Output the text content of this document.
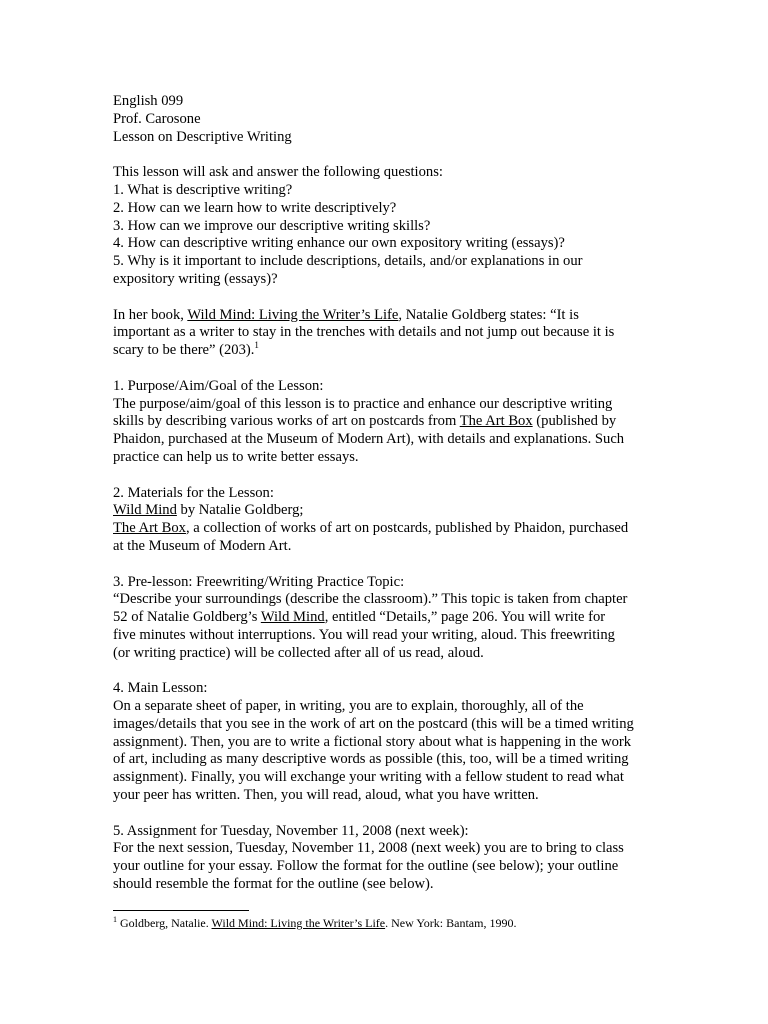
English 099
Prof. Carosone
Lesson on Descriptive Writing
This lesson will ask and answer the following questions:
1. What is descriptive writing?
2. How can we learn how to write descriptively?
3. How can we improve our descriptive writing skills?
4. How can descriptive writing enhance our own expository writing (essays)?
5. Why is it important to include descriptions, details, and/or explanations in our
expository writing (essays)?
In her book, Wild Mind: Living the Writer’s Life, Natalie Goldberg states: “It is
important as a writer to stay in the trenches with details and not jump out because it is
scary to be there” (203).$^1$
1. Purpose/Aim/Goal of the Lesson:
The purpose/aim/goal of this lesson is to practice and enhance our descriptive writing
skills by describing various works of art on postcards from The Art Box (published by
Phaidon, purchased at the Museum of Modern Art), with details and explanations. Such
practice can help us to write better essays.
2. Materials for the Lesson:
Wild Mind by Natalie Goldberg;
The Art Box, a collection of works of art on postcards, published by Phaidon, purchased
at the Museum of Modern Art.
3. Pre-lesson: Freewriting/Writing Practice Topic:
“Describe your surroundings (describe the classroom).” This topic is taken from chapter
52 of Natalie Goldberg’s Wild Mind, entitled “Details,” page 206. You will write for
five minutes without interruptions. You will read your writing, aloud. This freewriting
(or writing practice) will be collected after all of us read, aloud.
4. Main Lesson:
On a separate sheet of paper, in writing, you are to explain, thoroughly, all of the
images/details that you see in the work of art on the postcard (this will be a timed writing
assignment). Then, you are to write a fictional story about what is happening in the work
of art, including as many descriptive words as possible (this, too, will be a timed writing
assignment). Finally, you will exchange your writing with a fellow student to read what
your peer has written. Then, you will read, aloud, what you have written.
5. Assignment for Tuesday, November 11, 2008 (next week):
For the next session, Tuesday, November 11, 2008 (next week) you are to bring to class
your outline for your essay. Follow the format for the outline (see below); your outline
should resemble the format for the outline (see below).
$^1$ Goldberg, Natalie. Wild Mind: Living the Writer’s Life. New York: Bantam, 1990.
